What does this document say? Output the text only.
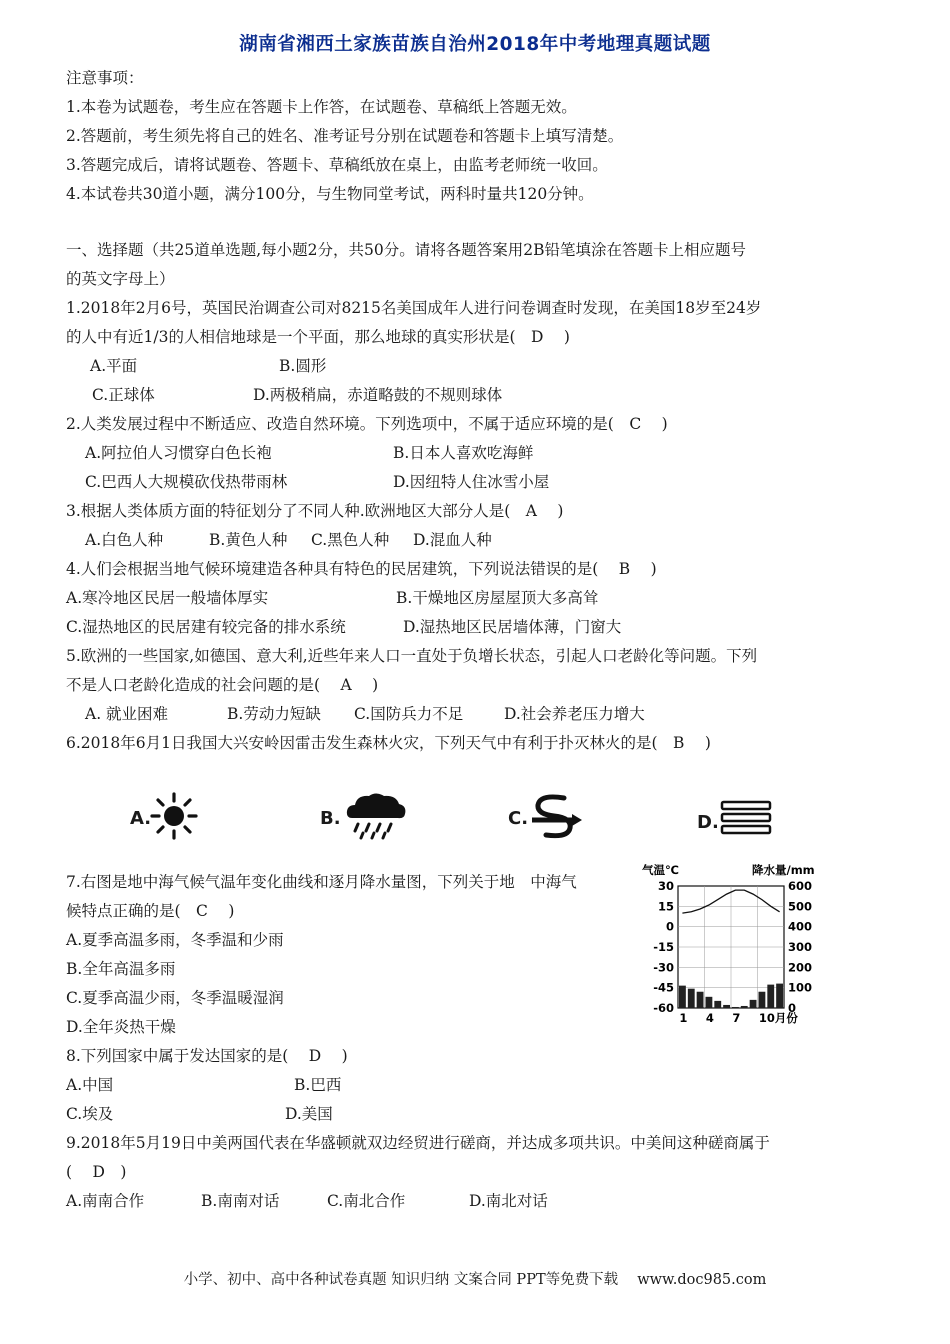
湖南省湘西土家族苗族自治州2018年中考地理真题试题
注意事项：
1.本卷为试题卷，考生应在答题卡上作答，在试题卷、草稿纸上答题无效。
2.答题前，考生须先将自己的姓名、准考证号分别在试题卷和答题卡上填写清楚。
3.答题完成后，请将试题卷、答题卡、草稿纸放在桌上，由监考老师统一收回。
4.本试卷共30道小题，满分100分，与生物同堂考试，两科时量共120分钟。
一、选择题（共25道单选题,每小题2分，共50分。请将各题答案用2B铅笔填涂在答题卡上相应题号
的英文字母上）
1.2018年2月6号，英国民治调查公司对8215名美国成年人进行问卷调查时发现，在美国18岁至24岁
的人中有近1/3的人相信地球是一个平面，那么地球的真实形状是(　D　 )
A.平面	B.圆形
C.正球体	D.两极稍扁，赤道略鼓的不规则球体
2.人类发展过程中不断适应、改造自然环境。下列选项中，不属于适应环境的是(　C　 )
A.阿拉伯人习惯穿白色长袍	B.日本人喜欢吃海鲜
C.巴西人大规模砍伐热带雨林	D.因纽特人住冰雪小屋
3.根据人类体质方面的特征划分了不同人种.欧洲地区大部分人是(　A　 )
A.白色人种	B.黄色人种 C.黑色人种 D.混血人种
4.人们会根据当地气候环境建造各种具有特色的民居建筑，下列说法错误的是(　 B　 )
A.寒冷地区民居一般墙体厚实	B.干燥地区房屋屋顶大多高耸
C.湿热地区的民居建有较完备的排水系统	D.湿热地区民居墙体薄，门窗大
5.欧洲的一些国家,如德国、意大利,近些年来人口一直处于负增长状态，引起人口老龄化等问题。下列
不是人口老龄化造成的社会问题的是(　 A　 )
A. 就业困难	B.劳动力短缺 C.国防兵力不足	D.社会养老压力增大
6.2018年6月1日我国大兴安岭因雷击发生森林火灾，下列天气中有利于扑灭林火的是(　B　 )
A.	B.	C.	D.
7.右图是地中海气候气温年变化曲线和逐月降水量图，下列关于地　中海气
候特点正确的是(　C　 )
A.夏季高温多雨，冬季温和少雨
B.全年高温多雨
C.夏季高温少雨，冬季温暖湿润
D.全年炎热干燥
气温℃	降水量/mm
30
15
0
-15
-30
-45
-60
600
500
400
300
200
100
0
1 4 7 10月份
8.下列国家中属于发达国家的是(　 D　 )
A.中国	B.巴西
C.埃及	D.美国
9.2018年5月19日中美两国代表在华盛顿就双边经贸进行磋商，并达成多项共识。中美间这种磋商属于
(　 D　)
A.南南合作	B.南南对话	C.南北合作	D.南北对话
小学、初中、高中各种试卷真题 知识归纳 文案合同 PPT等免费下载　 www.doc985.com
